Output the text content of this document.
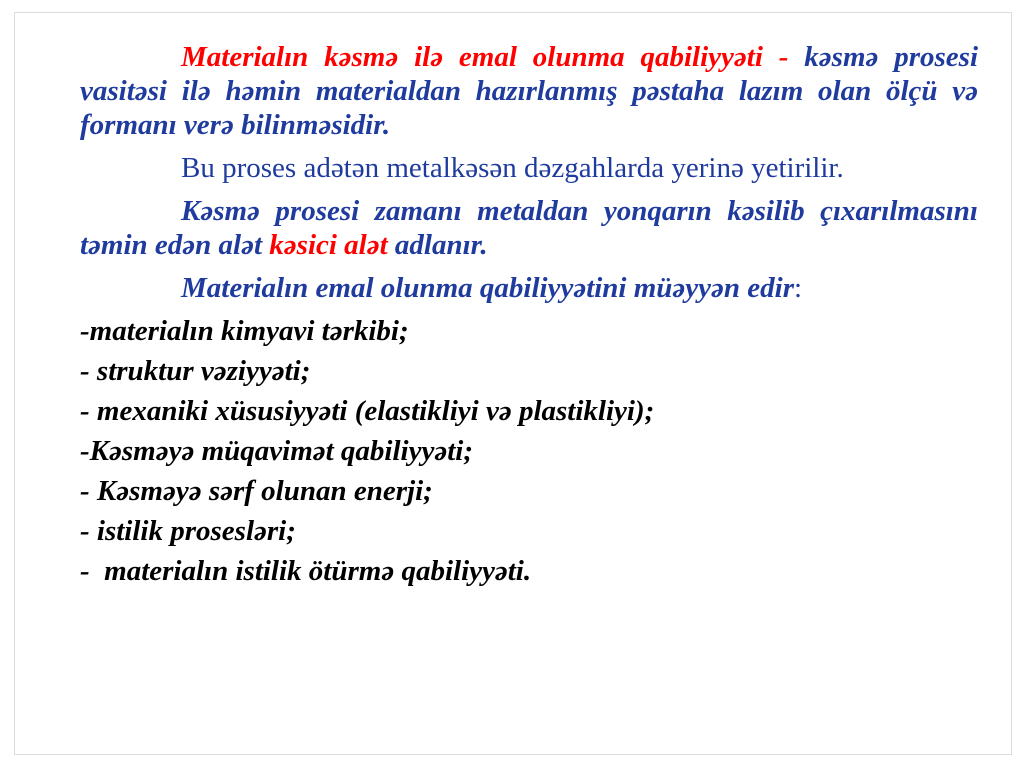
Materialın kəsmə ilə emal olunma qabiliyyəti - kəsmə prosesi vasitəsi ilə həmin materialdan hazırlanmış pəstaha lazım olan ölçü və formanı verə bilinməsidir.

Bu proses adətən metalkəsən dəzgahlarda yerinə yetirilir.

Kəsmə prosesi zamanı metaldan yonqarın kəsilib çıxarılmasını təmin edən alət kəsici alət adlanır.

Materialın emal olunma qabiliyyətini müəyyən edir:

-materialın kimyavi tərkibi;

- struktur vəziyyəti;

- mexaniki xüsusiyyəti (elastikliyi və plastikliyi);

-Kəsməyə müqavimət qabiliyyəti;

- Kəsməyə sərf olunan enerji;

- istilik prosesləri;

-  materialın istilik ötürmə qabiliyyəti.
